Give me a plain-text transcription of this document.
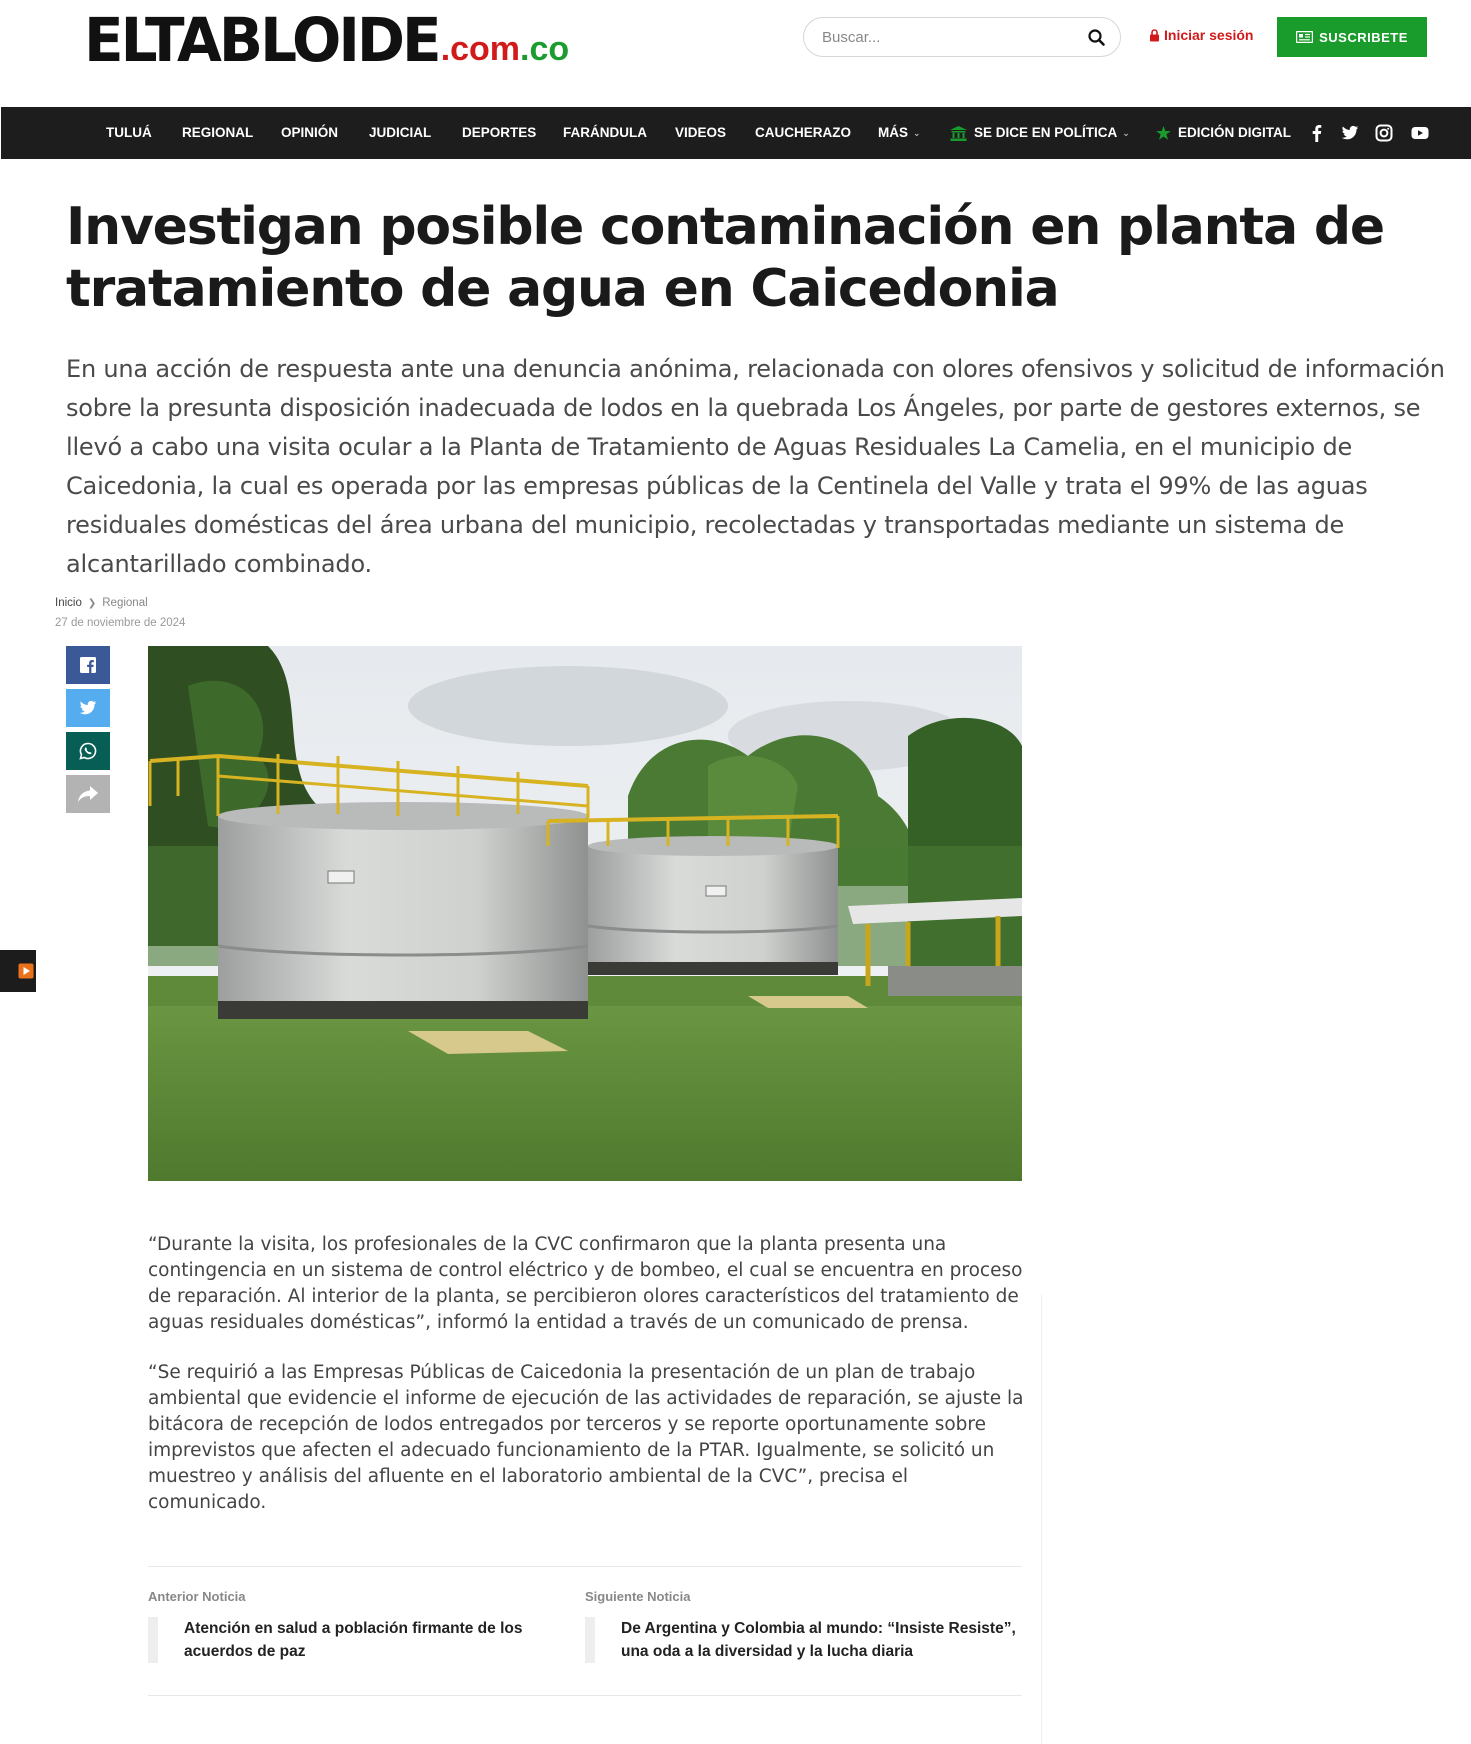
ELTABLOIDE .com .co
Buscar...	Iniciar sesión	SUSCRIBETE
TULUÁ REGIONAL OPINIÓN JUDICIAL DEPORTES FARÁNDULA VIDEOS CAUCHERAZO MÁS ⌄	SE DICE EN POLÍTICA ⌄	EDICIÓN DIGITAL
Investigan posible contaminación en planta de tratamiento de agua en Caicedonia

En una acción de respuesta ante una denuncia anónima, relacionada con olores ofensivos y solicitud de información sobre la presunta disposición inadecuada de lodos en la quebrada Los Ángeles, por parte de gestores externos, se llevó a cabo una visita ocular a la Planta de Tratamiento de Aguas Residuales La Camelia, en el municipio de Caicedonia, la cual es operada por las empresas públicas de la Centinela del Valle y trata el 99% de las aguas residuales domésticas del área urbana del municipio, recolectadas y transportadas mediante un sistema de alcantarillado combinado.

Inicio ❯ Regional
27 de noviembre de 2024

“Durante la visita, los profesionales de la CVC confirmaron que la planta presenta una contingencia en un sistema de control eléctrico y de bombeo, el cual se encuentra en proceso de reparación. Al interior de la planta, se percibieron olores característicos del tratamiento de aguas residuales domésticas”, informó la entidad a través de un comunicado de prensa.

“Se requirió a las Empresas Públicas de Caicedonia la presentación de un plan de trabajo ambiental que evidencie el informe de ejecución de las actividades de reparación, se ajuste la bitácora de recepción de lodos entregados por terceros y se reporte oportunamente sobre imprevistos que afecten el adecuado funcionamiento de la PTAR. Igualmente, se solicitó un muestreo y análisis del afluente en el laboratorio ambiental de la CVC”, precisa el comunicado.

Anterior Noticia
Atención en salud a población firmante de los acuerdos de paz
Siguiente Noticia
De Argentina y Colombia al mundo: “Insiste Resiste”, una oda a la diversidad y la lucha diaria
